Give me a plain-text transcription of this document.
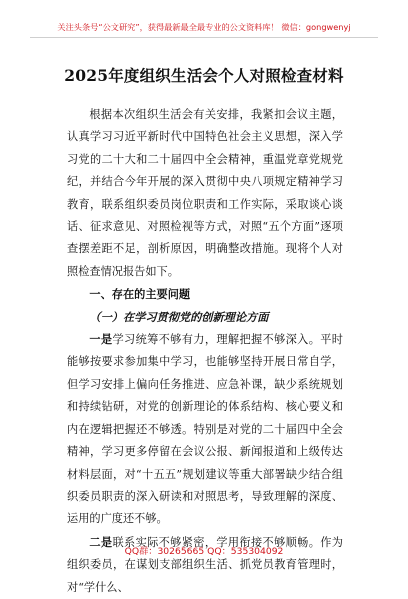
关注头条号“公文研究”，获得最新最全最专业的公文资料库！ 微信：gongwenyj
2025年度组织生活会个人对照检查材料

根据本次组织生活会有关安排，我紧扣会议主题，认真学习习近平新时代中国特色社会主义思想，深入学习党的二十大和二十届四中全会精神，重温党章党规党纪，并结合今年开展的深入贯彻中央八项规定精神学习教育，联系组织委员岗位职责和工作实际，采取谈心谈话、征求意见、对照检视等方式，对照“五个方面”逐项查摆差距不足，剖析原因，明确整改措施。现将个人对照检查情况报告如下。

一、存在的主要问题

（一）在学习贯彻党的创新理论方面

一是学习统筹不够有力，理解把握不够深入。平时能够按要求参加集中学习，也能够坚持开展日常自学，但学习安排上偏向任务推进、应急补课，缺少系统规划和持续钻研，对党的创新理论的体系结构、核心要义和内在逻辑把握还不够透。特别是对党的二十届四中全会精神，学习更多停留在会议公报、新闻报道和上级传达材料层面，对“十五五”规划建议等重大部署缺少结合组织委员职责的深入研读和对照思考，导致理解的深度、运用的广度还不够。

二是联系实际不够紧密，学用衔接不够顺畅。作为组织委员，在谋划支部组织生活、抓党员教育管理时，对“学什么、

QQ群：30265665 QQ：535304092
